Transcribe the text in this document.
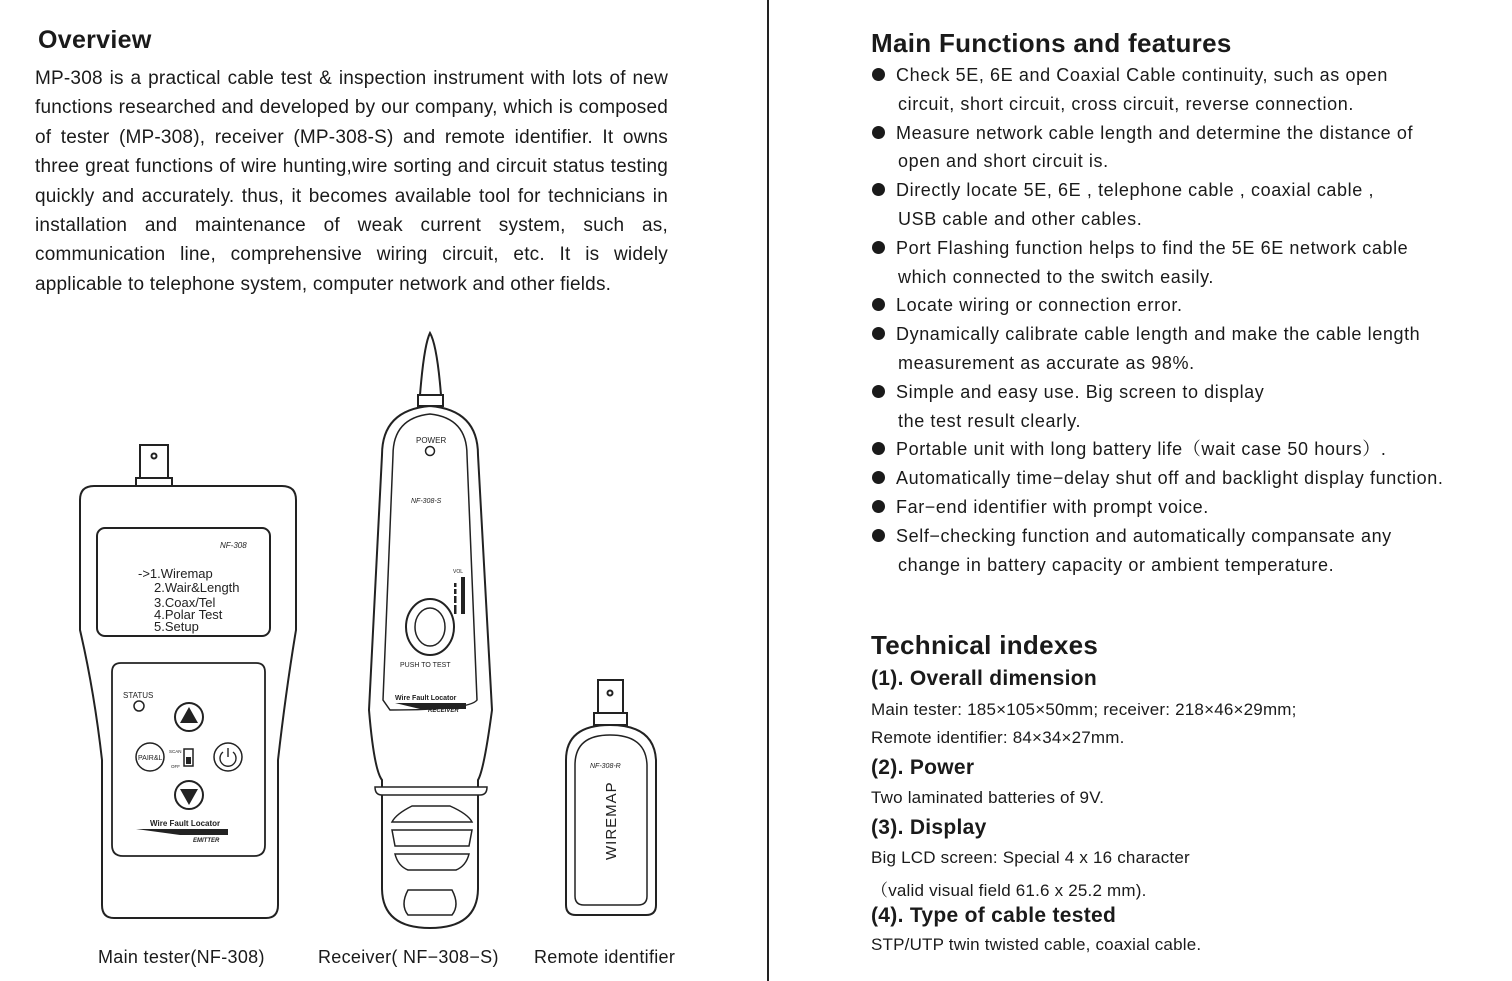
Overview
MP-308 is a practical cable test & inspection instrument with lots of new functions researched and developed by our company, which is composed of tester (MP-308), receiver (MP-308-S) and remote identifier. It owns three great functions of wire hunting,wire sorting and circuit status testing quickly and accurately. thus, it becomes available tool for technicians in installation and maintenance of weak current system, such as, communication line, comprehensive wiring circuit, etc. It is widely applicable to telephone system, computer network and other fields.
NF-308
->1.Wiremap
2.Wair&Length
3.Coax/Tel
4.Polar Test
5.Setup
STATUS
PAIR&L
SCAN
OFF
Wire Fault Locator
EMITTER
POWER
NF-308-S
VOL
PUSH TO TEST
Wire Fault Locator
RECEIVER
NF-308-R
WIREMAP
Main tester(NF-308)	Receiver( NF−308−S) Remote identifier
Main Functions and features
Check 5E, 6E and Coaxial Cable continuity, such as open
circuit, short circuit, cross circuit, reverse connection.
Measure network cable length and determine the distance of
open and short circuit is.
Directly locate 5E, 6E , telephone cable , coaxial cable ,
USB cable and other cables.
Port Flashing function helps to find the 5E 6E network cable
which connected to the switch easily.
Locate wiring or connection error.
Dynamically calibrate cable length and make the cable length
measurement as accurate as 98%.
Simple and easy use. Big screen to display
the test result clearly.
Portable unit with long battery life（wait case 50 hours）.
Automatically time−delay shut off and backlight display function.
Far−end identifier with prompt voice.
Self−checking function and automatically compansate any
change in battery capacity or ambient temperature.
Technical indexes
(1). Overall dimension
Main tester: 185×105×50mm; receiver: 218×46×29mm;
Remote identifier: 84×34×27mm.
(2). Power
Two laminated batteries of 9V.
(3). Display
Big LCD screen: Special 4 x 16 character
（valid visual field 61.6 x 25.2 mm).
(4). Type of cable tested
STP/UTP twin twisted cable, coaxial cable.
